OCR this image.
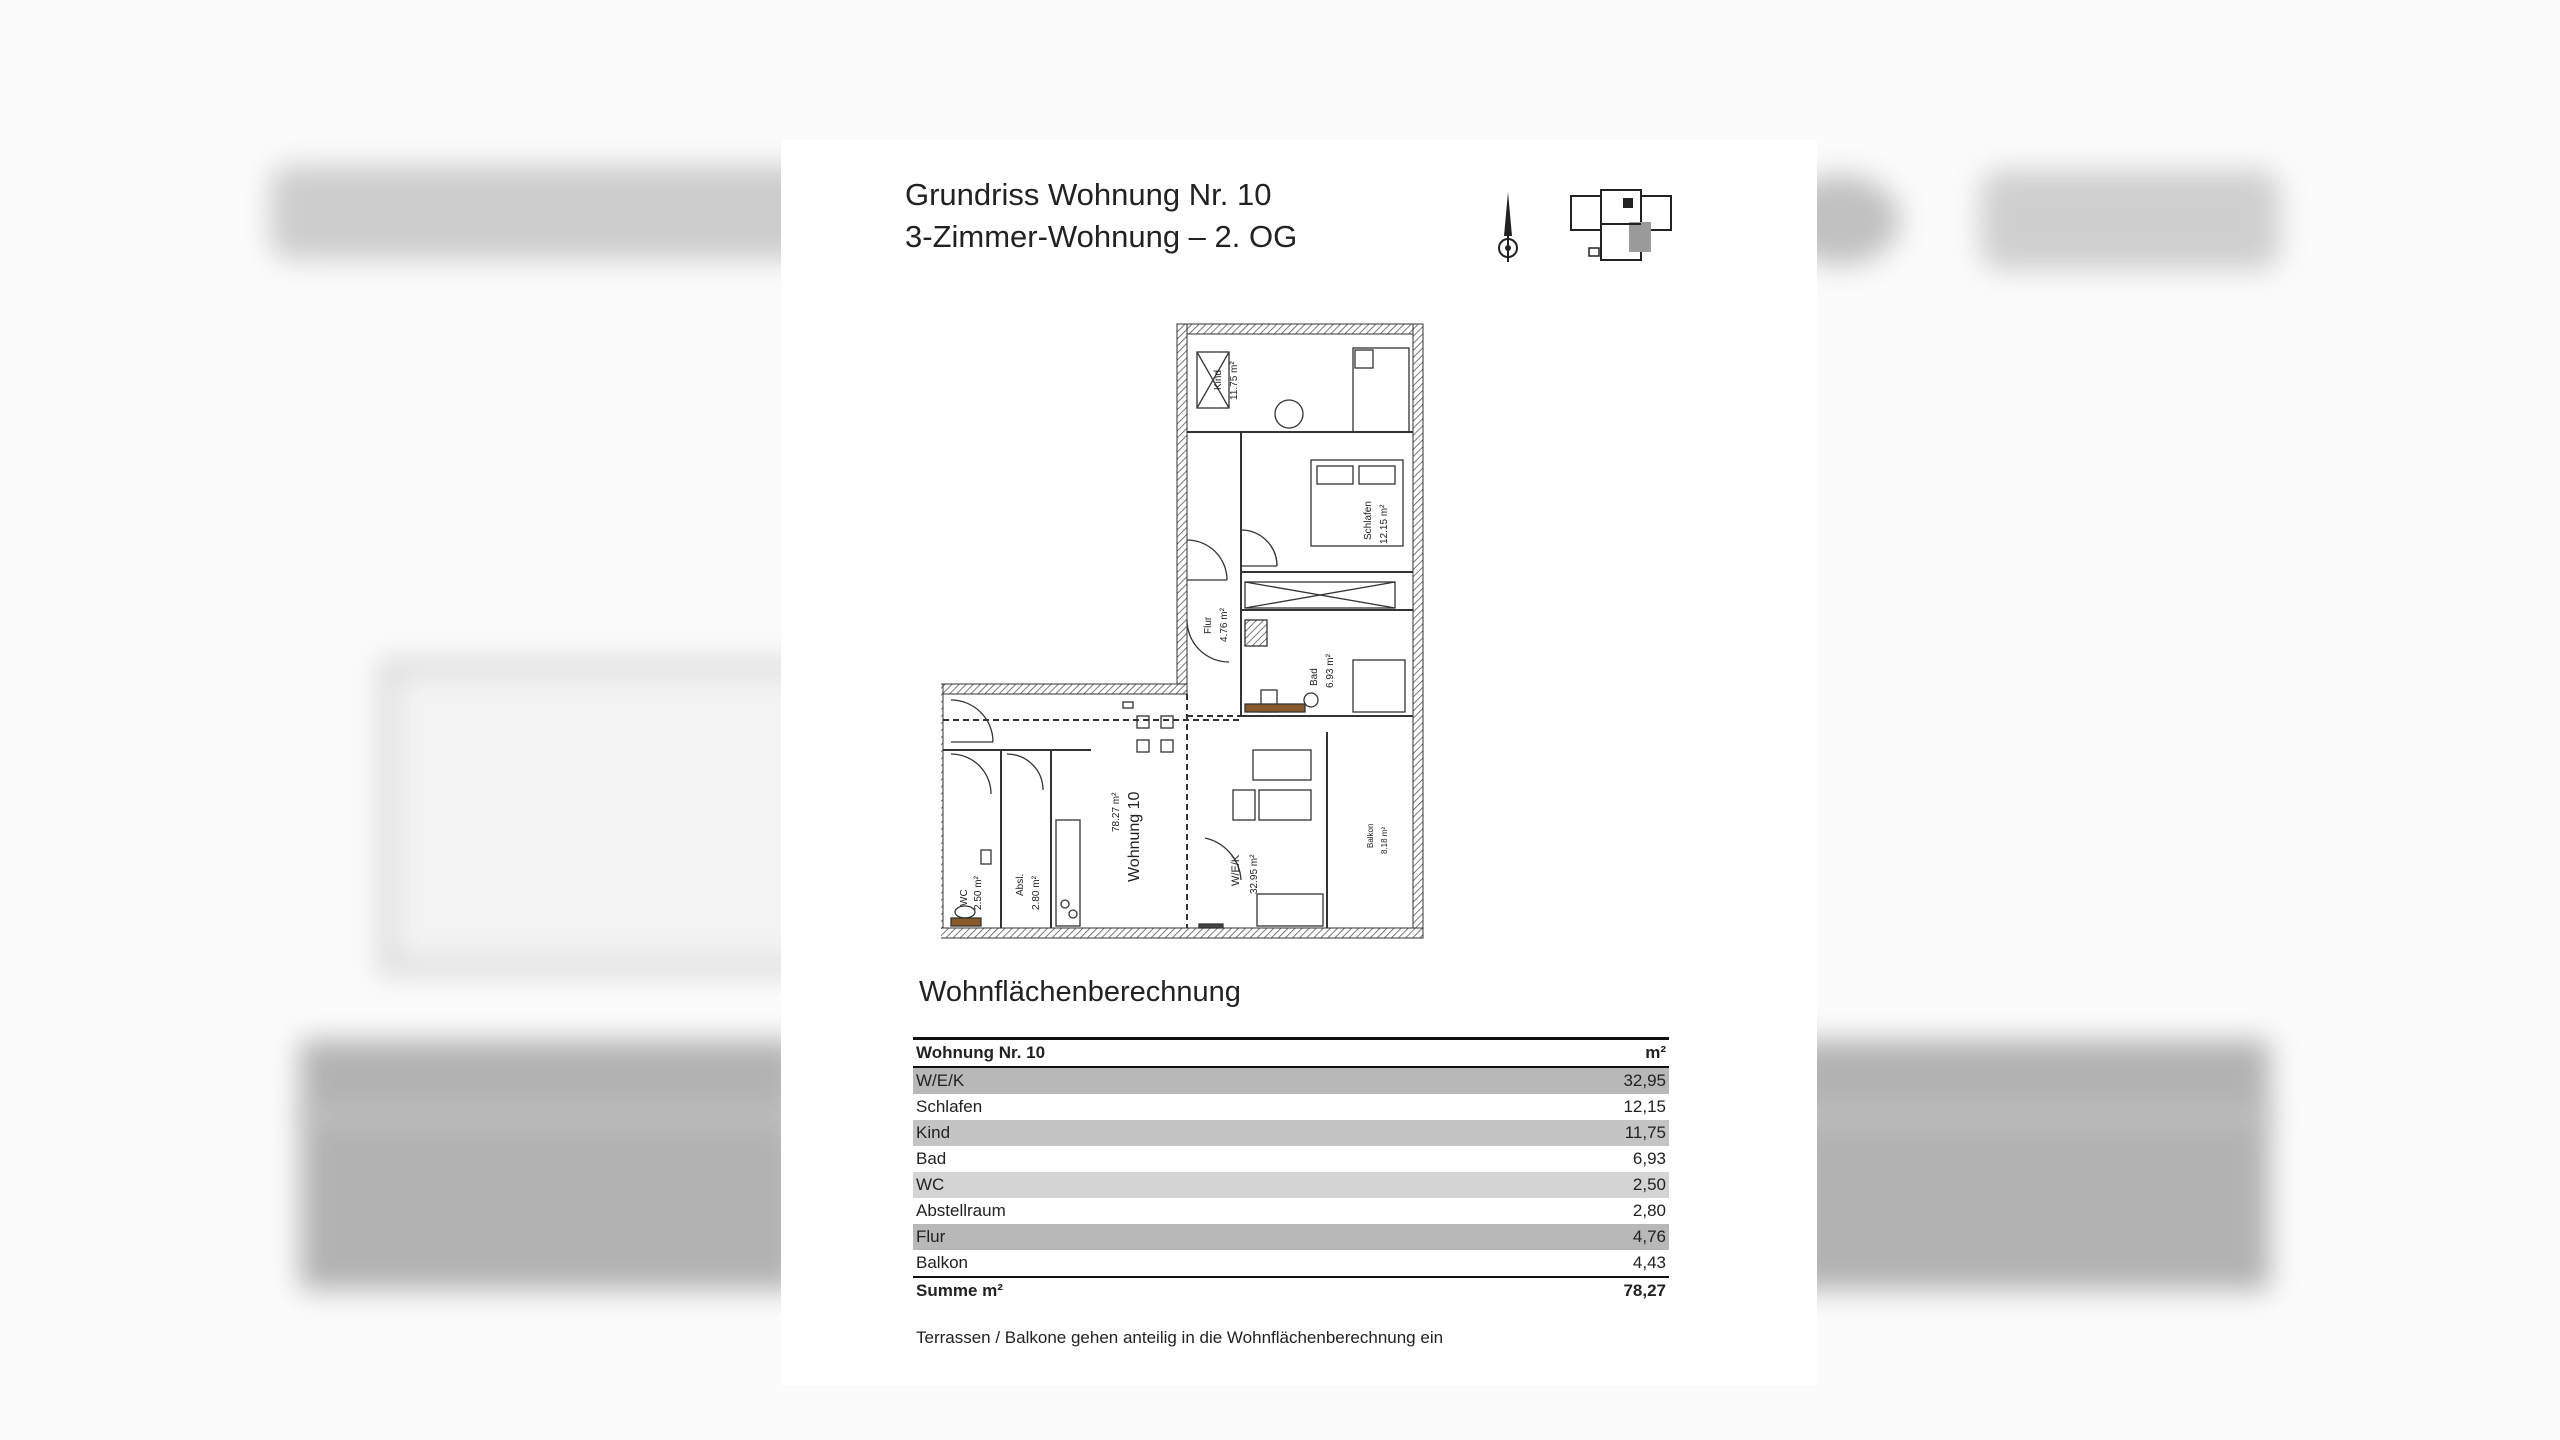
Grundriss Wohnung Nr. 10
3-Zimmer-Wohnung – 2. OG
Kind 11.75 m²
Schlafen 12.15 m²
Flur 4.76 m²
Bad 6.93 m²
78.27 m² Wohnung 10	W/E/K 32.95 m²
Balkon 8.18 m²
WC 2.50 m²	Absl. 2.80 m²
Wohnflächenberechnung
Wohnung Nr. 10	m²
W/E/K	32,95
Schlafen	12,15
Kind	11,75
Bad	6,93
WC	2,50
Abstellraum	2,80
Flur	4,76
Balkon	4,43
Summe m²	78,27
Terrassen / Balkone gehen anteilig in die Wohnflächenberechnung ein
